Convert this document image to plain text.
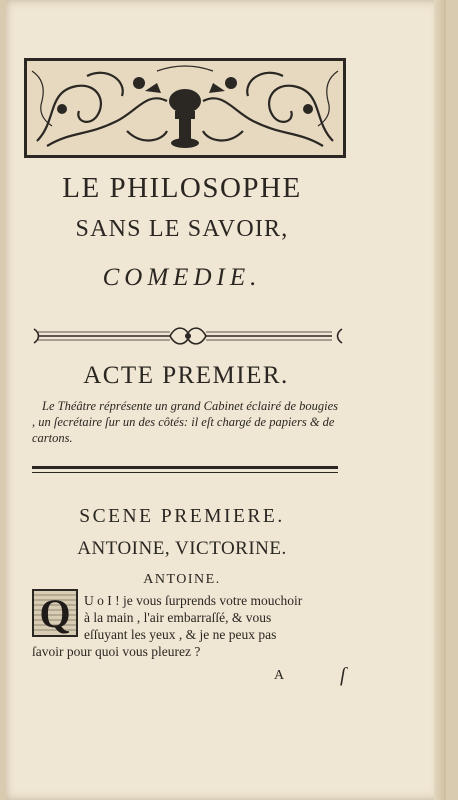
LE PHILOSOPHE
SANS LE SAVOIR,
COMEDIE.
ACTE PREMIER.
Le Théâtre réprésente un grand Cabinet éclairé de bougies , un ſecrétaire ſur un des côtés: il eſt chargé de papiers & de cartons.
SCENE PREMIERE.
ANTOINE, VICTORINE.
ANTOINE.
Q U o I ! je vous ſurprends votre mouchoir
à la main , l'air embarraſſé, & vous
eſſuyant les yeux , & je ne peux pas
ſavoir pour quoi vous pleurez ?
A	ſ
